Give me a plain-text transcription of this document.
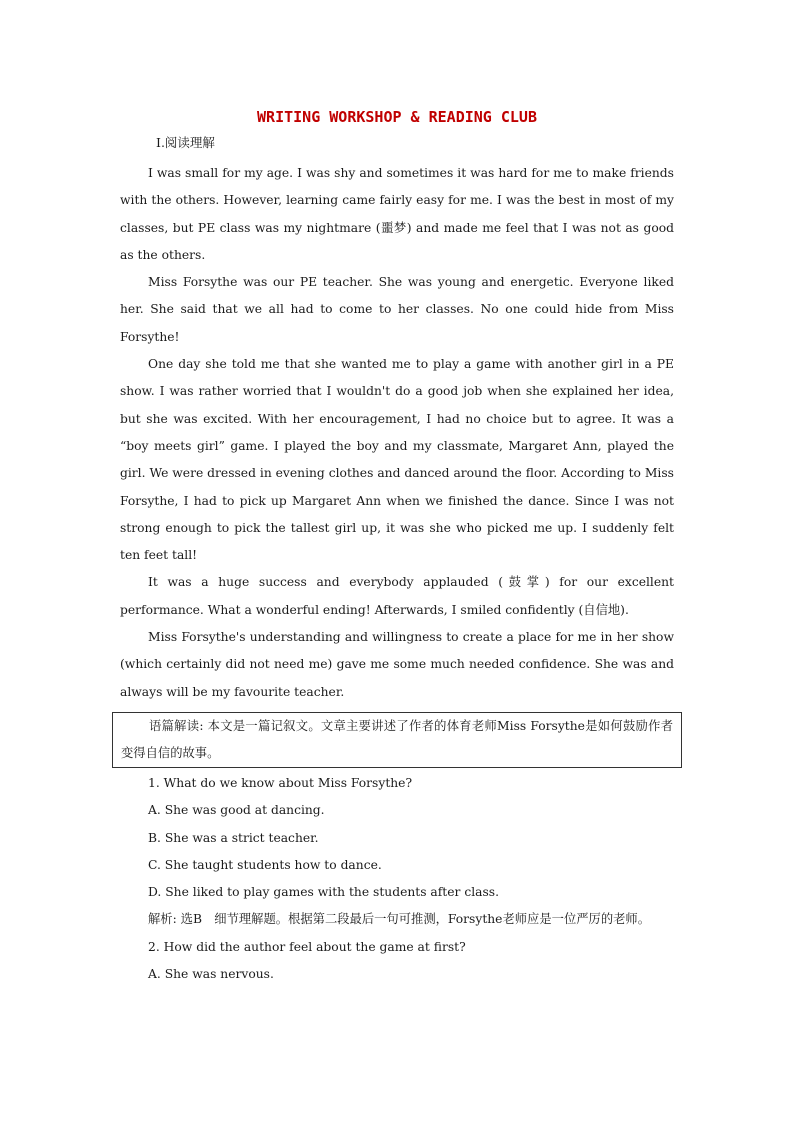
WRITING WORKSHOP & READING CLUB
Ⅰ.阅读理解

I was small for my age. I was shy and sometimes it was hard for me to make friends with the others. However, learning came fairly easy for me. I was the best in most of my classes, but PE class was my nightmare (噩梦) and made me feel that I was not as good as the others.

Miss Forsythe was our PE teacher. She was young and energetic. Everyone liked her. She said that we all had to come to her classes. No one could hide from Miss Forsythe!

One day she told me that she wanted me to play a game with another girl in a PE show. I was rather worried that I wouldn't do a good job when she explained her idea, but she was excited. With her encouragement, I had no choice but to agree. It was a “boy meets girl” game. I played the boy and my classmate, Margaret Ann, played the girl. We were dressed in evening clothes and danced around the floor. According to Miss Forsythe, I had to pick up Margaret Ann when we finished the dance. Since I was not strong enough to pick the tallest girl up, it was she who picked me up. I suddenly felt ten feet tall!

It was a huge success and everybody applauded (鼓掌) for our excellent performance. What a wonderful ending! Afterwards, I smiled confidently (自信地).

Miss Forsythe's understanding and willingness to create a place for me in her show (which certainly did not need me) gave me some much needed confidence. She was and always will be my favourite teacher.

语篇解读: 本文是一篇记叙文。文章主要讲述了作者的体育老师Miss Forsythe是如何鼓励作者变得自信的故事。

1. What do we know about Miss Forsythe?

A. She was good at dancing.

B. She was a strict teacher.

C. She taught students how to dance.

D. She liked to play games with the students after class.

解析: 选B　细节理解题。根据第二段最后一句可推测，Forsythe老师应是一位严厉的老师。

2. How did the author feel about the game at first?

A. She was nervous.
